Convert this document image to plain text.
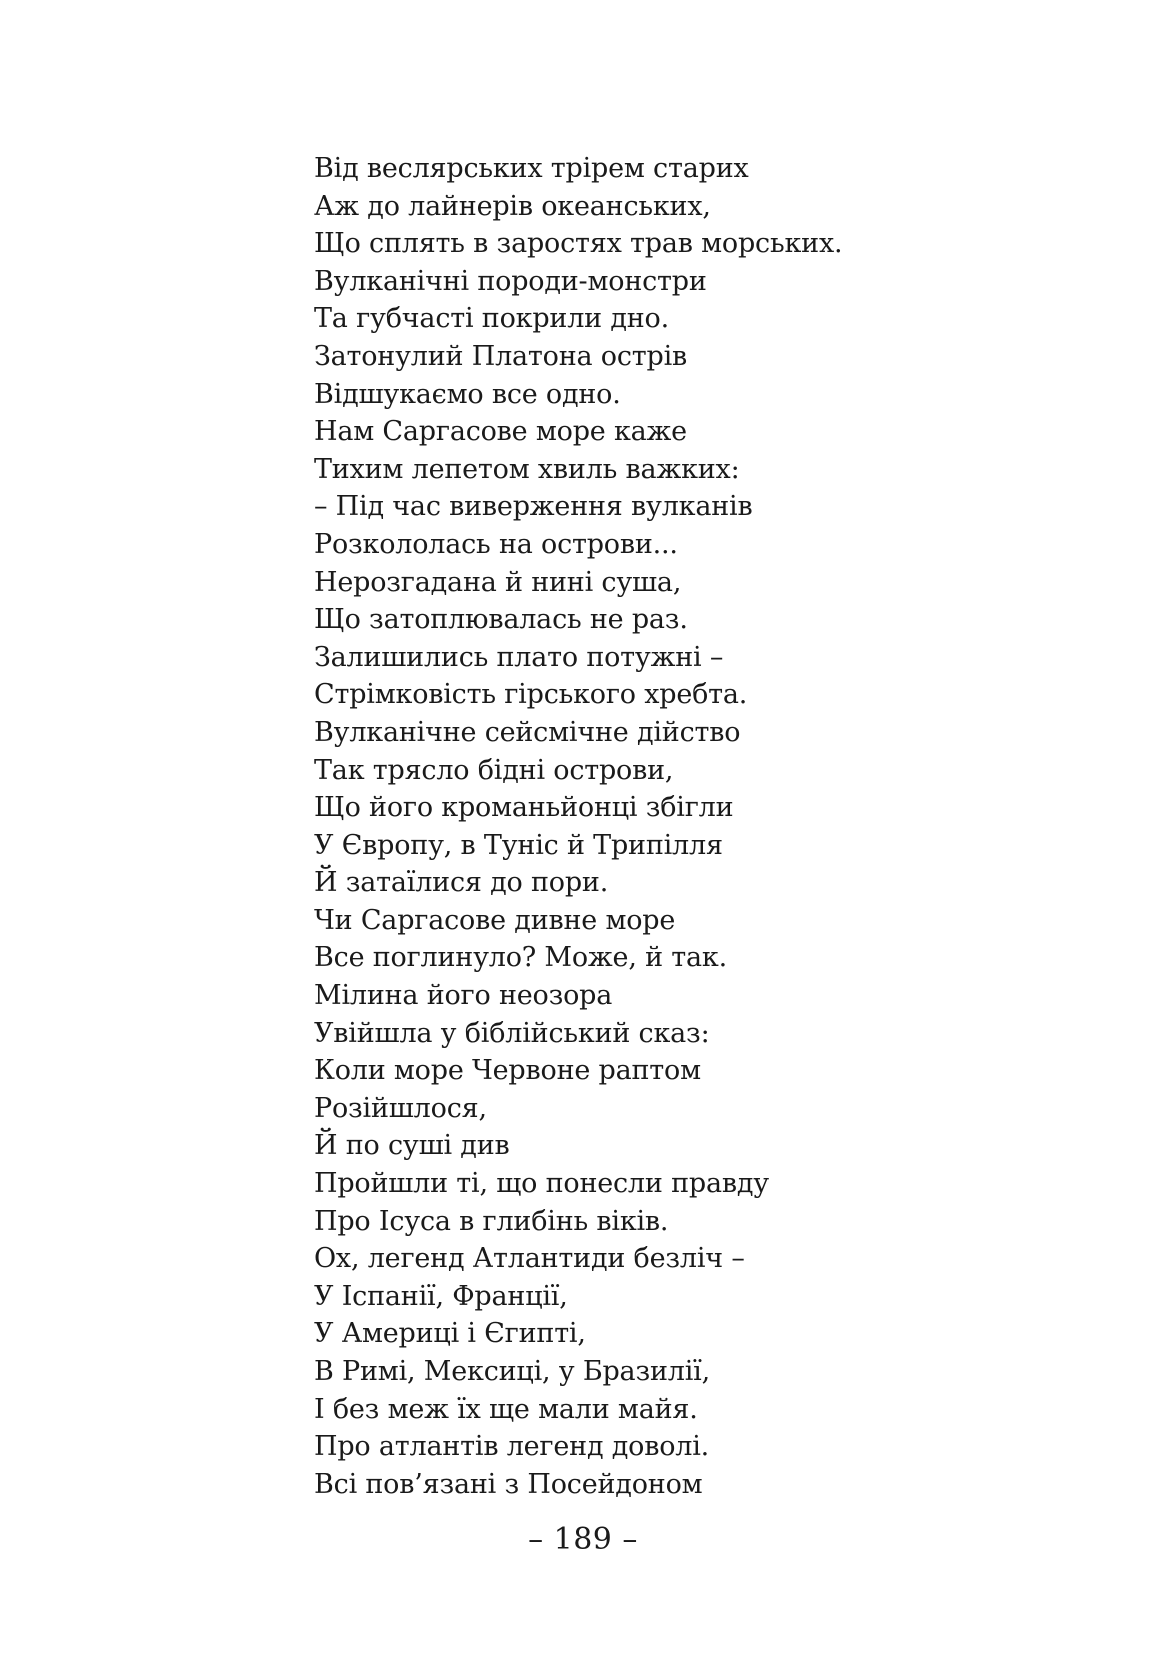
Від веслярських трірем старих
Аж до лайнерів океанських,
Що сплять в заростях трав морських.
Вулканічні породи-монстри
Та губчасті покрили дно.
Затонулий Платона острів
Відшукаємо все одно.
Нам Саргасове море каже
Тихим лепетом хвиль важких:
– Під час виверження вулканів
Розкололась на острови...
Нерозгадана й нині суша,
Що затоплювалась не раз.
Залишились плато потужні –
Стрімковість гірського хребта.
Вулканічне сейсмічне дійство
Так трясло бідні острови,
Що його кроманьйонці збігли
У Європу, в Туніс й Трипілля
Й затаїлися до пори.
Чи Саргасове дивне море
Все поглинуло? Може, й так.
Мілина його неозора
Увійшла у біблійський сказ:
Коли море Червоне раптом
Розійшлося,
Й по суші див
Пройшли ті, що понесли правду
Про Ісуса в глибінь віків.
Ох, легенд Атлантиди безліч –
У Іспанії, Франції,
У Америці і Єгипті,
В Римі, Мексиці, у Бразилії,
І без меж їх ще мали майя.
Про атлантів легенд доволі.
Всі пов’язані з Посейдоном
– 189 –
